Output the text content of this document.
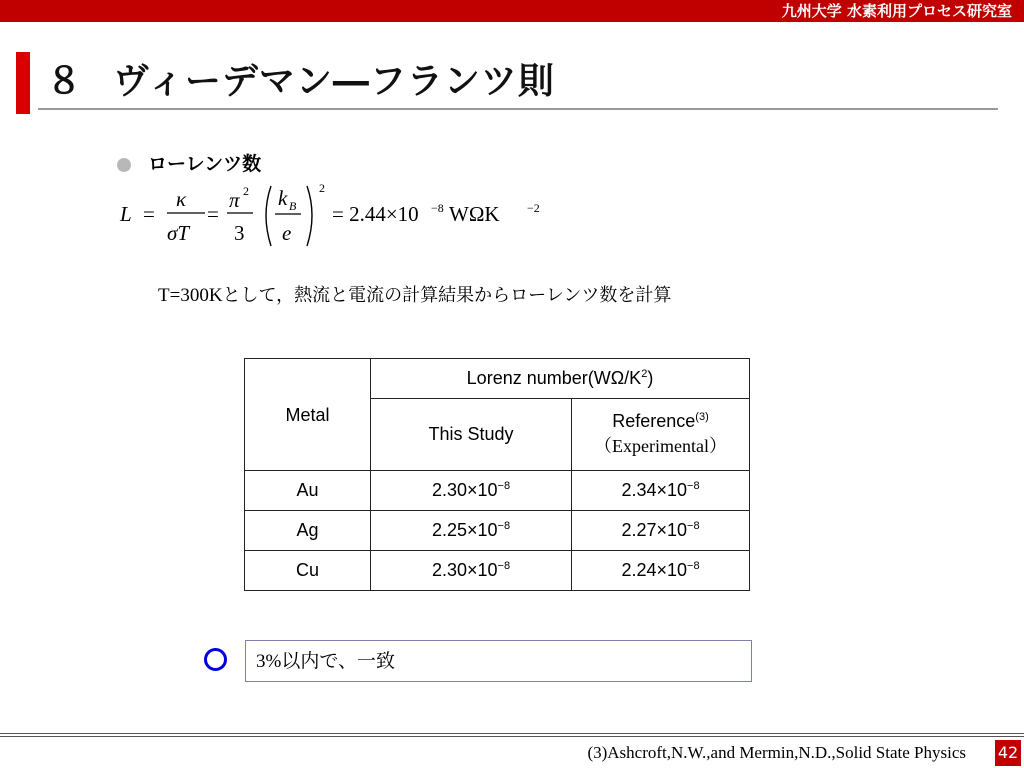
九州大学 水素利用プロセス研究室
８ ヴィーデマン―フランツ則
ローレンツ数
L =
κ
σT
=
π 2
3
k B
e
2
= 2.44×10 −8 WΩK −2
T=300Kとして，熱流と電流の計算結果からローレンツ数を計算
Metal	Lorenz $number(W\Omega/K^2)$	
	This Study	Reference$^{(3)}$
（Experimental）

Au	$2.30\times 10^{-8}$	$2.34\times 10^{-8}$
Ag	$2.25\times 10^{-8}$	$2.27\times 10^{-8}$
Cu	$2.30\times 10^{-8}$	$2.24\times 10^{-8}$
3%以内で、一致
(3)Ashcroft,N.W.,and Mermin,N.D.,Solid State Physics 42
